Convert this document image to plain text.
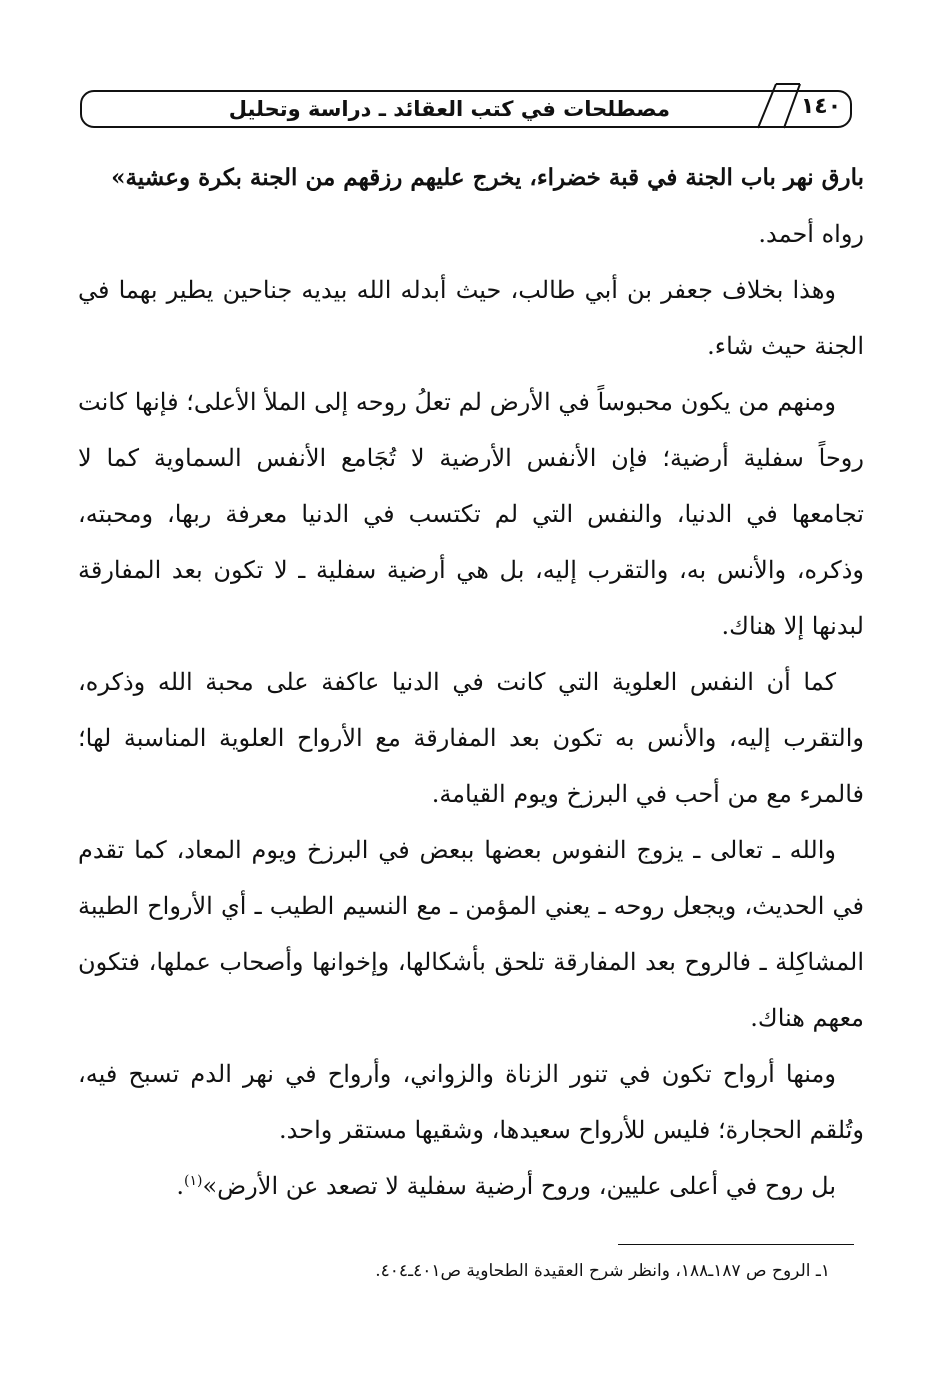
١٤٠
مصطلحات في كتب العقائد ـ دراسة وتحليل

بارق نهر باب الجنة في قبة خضراء، يخرج عليهم رزقهم من الجنة بكرة وعشية»

رواه أحمد.

وهذا بخلاف جعفر بن أبي طالب، حيث أبدله الله بيديه جناحين يطير بهما في الجنة حيث شاء.

ومنهم من يكون محبوساً في الأرض لم تعلُ روحه إلى الملأ الأعلى؛ فإنها كانت روحاً سفلية أرضية؛ فإن الأنفس الأرضية لا تُجَامع الأنفس السماوية كما لا تجامعها في الدنيا، والنفس التي لم تكتسب في الدنيا معرفة ربها، ومحبته، وذكره، والأنس به، والتقرب إليه، بل هي أرضية سفلية ـ لا تكون بعد المفارقة لبدنها إلا هناك.

كما أن النفس العلوية التي كانت في الدنيا عاكفة على محبة الله وذكره، والتقرب إليه، والأنس به تكون بعد المفارقة مع الأرواح العلوية المناسبة لها؛ فالمرء مع من أحب في البرزخ ويوم القيامة.

والله ـ تعالى ـ يزوج النفوس بعضها ببعض في البرزخ ويوم المعاد، كما تقدم في الحديث، ويجعل روحه ـ يعني المؤمن ـ مع النسيم الطيب ـ أي الأرواح الطيبة المشاكِلة ـ فالروح بعد المفارقة تلحق بأشكالها، وإخوانها وأصحاب عملها، فتكون معهم هناك.

ومنها أرواح تكون في تنور الزناة والزواني، وأرواح في نهر الدم تسبح فيه، وتُلقم الحجارة؛ فليس للأرواح سعيدها، وشقيها مستقر واحد.

بل روح في أعلى عليين، وروح أرضية سفلية لا تصعد عن الأرض»$^{(١)}$.

١ـ الروح ص ١٨٧ـ١٨٨، وانظر شرح العقيدة الطحاوية ص٤٠١ـ٤٠٤.
